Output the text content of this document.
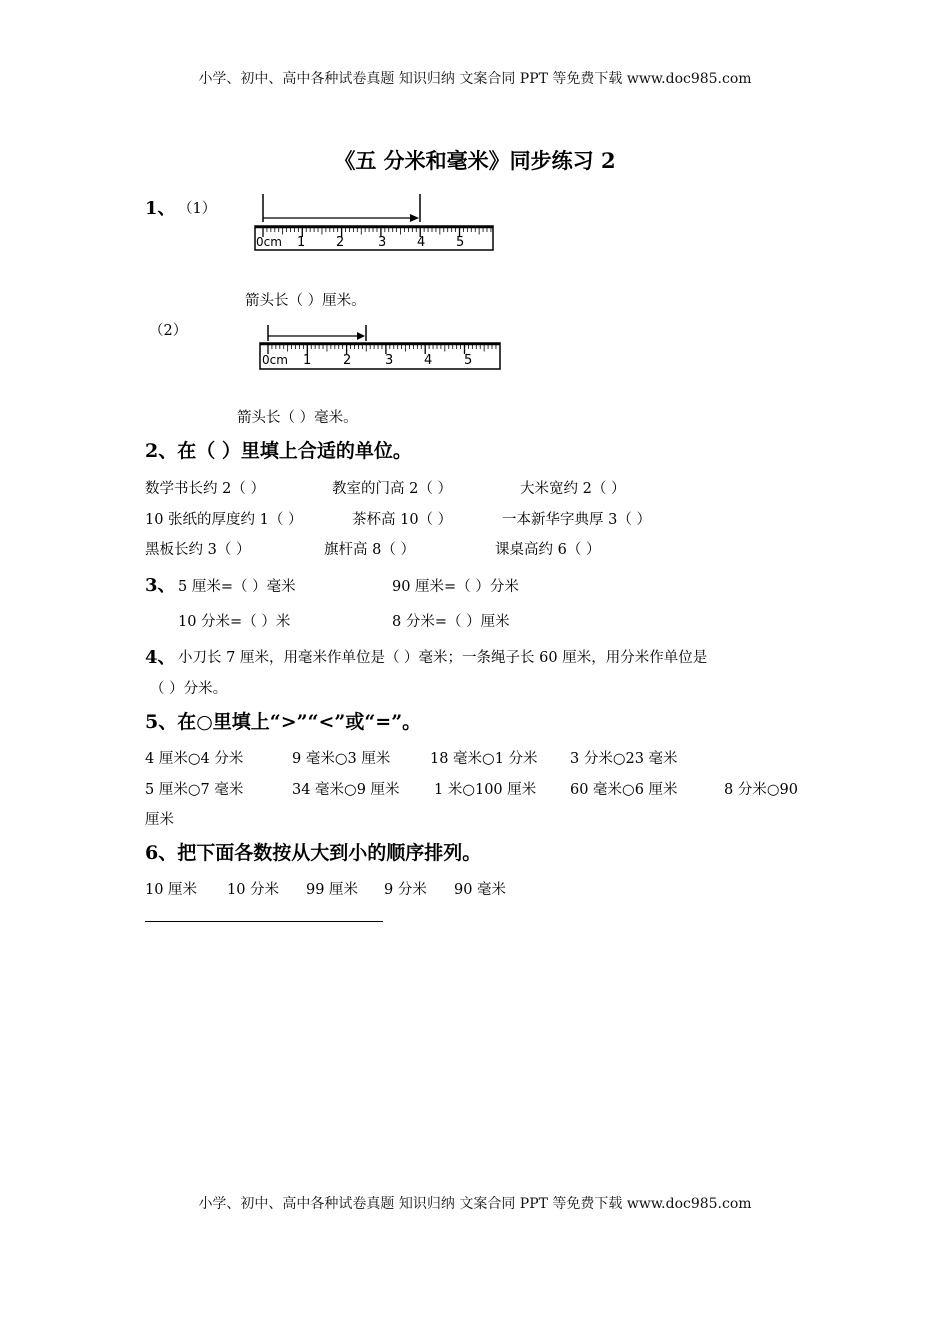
小学、初中、高中各种试卷真题 知识归纳 文案合同 PPT 等免费下载 www.doc985.com
《五 分米和毫米》同步练习 2
1、 （1）
0cm 1 2	3 4 5
箭头长（ ）厘米。
（2）
0cm 1 2	3 4 5
箭头长（ ）毫米。
2、在（ ）里填上合适的单位。
数学书长约 2（ ）	教室的门高 2（ ）	大米宽约 2（ ）
10 张纸的厚度约 1（ ）	茶杯高 10（ ）	一本新华字典厚 3（ ）
黑板长约 3（ ）	旗杆高 8（ ）	课桌高约 6（ ）
3、 5 厘米=（ ）毫米	90 厘米=（ ）分米
10 分米=（ ）米	8 分米=（ ）厘米
4、 小刀长 7 厘米，用毫米作单位是（ ）毫米；一条绳子长 60 厘米，用分米作单位是
（ ）分米。
5、在○里填上“>”“<”或“=”。
4 厘米○4 分米	9 毫米○3 厘米	18 毫米○1 分米 3 分米○23 毫米
5 厘米○7 毫米	34 毫米○9 厘米 1 米○100 厘米 60 毫米○6 厘米	8 分米○90
厘米
6、把下面各数按从大到小的顺序排列。
10 厘米 10 分米 99 厘米 9 分米 90 毫米
小学、初中、高中各种试卷真题 知识归纳 文案合同 PPT 等免费下载 www.doc985.com
